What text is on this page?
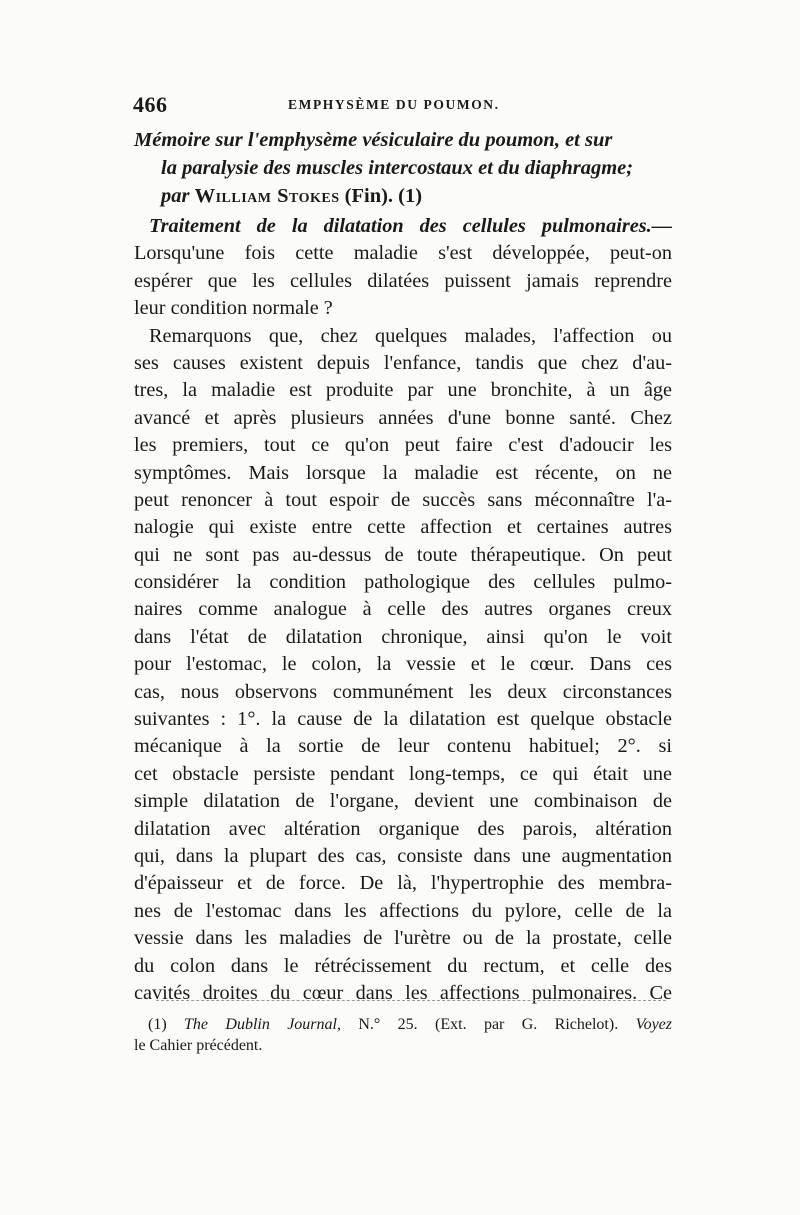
466	EMPHYSÈME DU POUMON.
Mémoire sur l'emphysème vésiculaire du poumon, et sur
la paralysie des muscles intercostaux et du diaphragme;
par William Stokes (Fin). (1)
Traitement de la dilatation des cellules pulmonaires.—
Lorsqu'une fois cette maladie s'est développée, peut-on
espérer que les cellules dilatées puissent jamais reprendre
leur condition normale ?
Remarquons que, chez quelques malades, l'affection ou
ses causes existent depuis l'enfance, tandis que chez d'au-
tres, la maladie est produite par une bronchite, à un âge
avancé et après plusieurs années d'une bonne santé. Chez
les premiers, tout ce qu'on peut faire c'est d'adoucir les
symptômes. Mais lorsque la maladie est récente, on ne
peut renoncer à tout espoir de succès sans méconnaître l'a-
nalogie qui existe entre cette affection et certaines autres
qui ne sont pas au-dessus de toute thérapeutique. On peut
considérer la condition pathologique des cellules pulmo-
naires comme analogue à celle des autres organes creux
dans l'état de dilatation chronique, ainsi qu'on le voit
pour l'estomac, le colon, la vessie et le cœur. Dans ces
cas, nous observons communément les deux circonstances
suivantes : 1°. la cause de la dilatation est quelque obstacle
mécanique à la sortie de leur contenu habituel; 2°. si
cet obstacle persiste pendant long-temps, ce qui était une
simple dilatation de l'organe, devient une combinaison de
dilatation avec altération organique des parois, altération
qui, dans la plupart des cas, consiste dans une augmentation
d'épaisseur et de force. De là, l'hypertrophie des membra-
nes de l'estomac dans les affections du pylore, celle de la
vessie dans les maladies de l'urètre ou de la prostate, celle
du colon dans le rétrécissement du rectum, et celle des
cavités droites du cœur dans les affections pulmonaires. Ce
(1) The Dublin Journal, N.° 25. (Ext. par G. Richelot). Voyez
le Cahier précédent.
